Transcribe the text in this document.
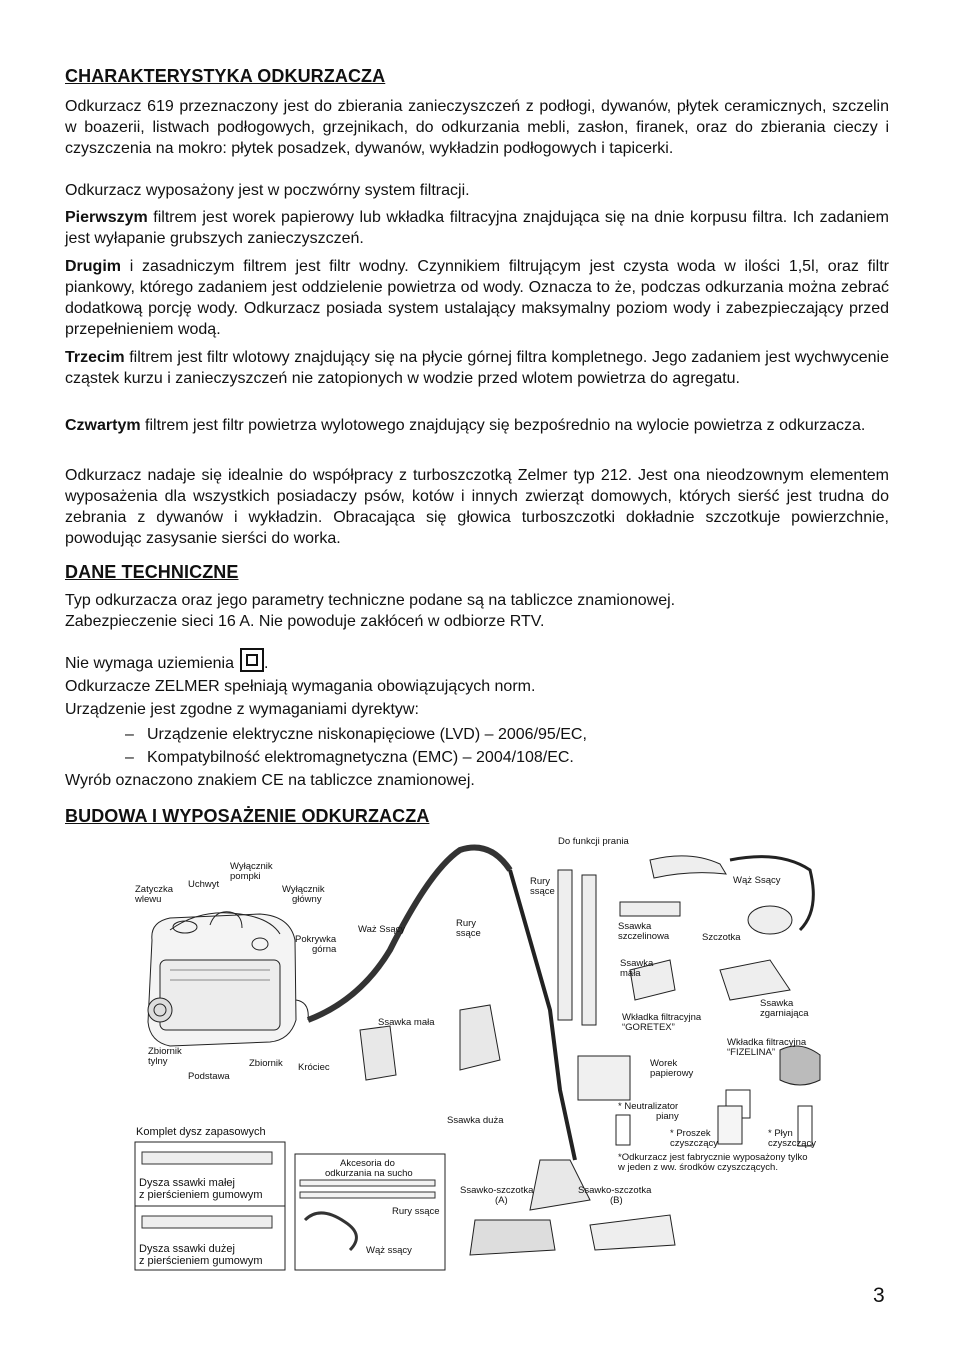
CHARAKTERYSTYKA ODKURZACZA

Odkurzacz 619 przeznaczony jest do zbierania zanieczyszczeń z podłogi, dywanów, płytek ceramicznych, szczelin w boazerii, listwach podłogowych, grzejnikach, do odkurzania mebli, zasłon, firanek, oraz do zbierania cieczy i czyszczenia na mokro: płytek posadzek, dywanów, wykładzin podłogowych i tapicerki.

Odkurzacz wyposażony jest w poczwórny system filtracji.

Pierwszym filtrem jest worek papierowy lub wkładka filtracyjna znajdująca się na dnie korpusu filtra. Ich zadaniem jest wyłapanie grubszych zanieczyszczeń.

Drugim i zasadniczym filtrem jest filtr wodny. Czynnikiem filtrującym jest czysta woda w ilości 1,5l, oraz filtr piankowy, którego zadaniem jest oddzielenie powietrza od wody. Oznacza to że, podczas odkurzania można zebrać dodatkową porcję wody. Odkurzacz posiada system ustalający maksymalny poziom wody i zabezpieczający przed przepełnieniem wodą.

Trzecim filtrem jest filtr wlotowy znajdujący się na płycie górnej filtra kompletnego. Jego zadaniem jest wychwycenie cząstek kurzu i zanieczyszczeń nie zatopionych w wodzie przed wlotem powietrza do agregatu.

Czwartym filtrem jest filtr powietrza wylotowego znajdujący się bezpośrednio na wylocie powietrza z odkurzacza.

Odkurzacz nadaje się idealnie do współpracy z turboszczotką Zelmer typ 212. Jest ona nieodzownym elementem wyposażenia dla wszystkich posiadaczy psów, kotów i innych zwierząt domowych, których sierść jest trudna do zebrania z dywanów i wykładzin. Obracająca się głowica turboszczotki dokładnie szczotkuje powierzchnie, powodując zasysanie sierści do worka.

DANE TECHNICZNE

Typ odkurzacza oraz jego parametry techniczne podane są na tabliczce znamionowej.

Zabezpieczenie sieci 16 A. Nie powoduje zakłóceń w odbiorze RTV.

Nie wymaga uziemienia .

Odkurzacze ZELMER spełniają wymagania obowiązujących norm.

Urządzenie jest zgodne z wymaganiami dyrektyw:

– Urządzenie elektryczne niskonapięciowe (LVD) – 2006/95/EC,
– Kompatybilność elektromagnetyczna (EMC) – 2004/108/EC.

Wyrób oznaczono znakiem CE na tabliczce znamionowej.

BUDOWA I WYPOSAŻENIE ODKURZACZA
Zatyczka
wlewu
Uchwyt
Wyłącznik
pompki
Wyłącznik
główny
Pokrywka
górna
Waż Ssący
Rury
ssące
Do funkcji prania
Rury
ssące
Wąż Ssący
Ssawka
szczelinowa	Szczotka
Ssawka
mała
Ssawka
zgarniająca
Wkładka filtracyjna
“GORETEX”
Wkładka filtracyjna
“FIZELINA”
Worek
papierowy
Ssawka mała
Zbiornik
tylny
Podstawa
Zbiornik Króciec
Ssawka duża
* Neutralizator
piany
* Proszek
czyszczący
* Płyn
czyszczący
*Odkurzacz jest fabrycznie wyposażony tylko
w jeden z ww. środków czyszczących.
Ssawko-szczotka
(A)
Ssawko-szczotka
(B)
Akcesoria do
odkurzania na sucho
Rury ssące
Wąż ssący
Komplet dysz zapasowych
Dysza ssawki małej
z pierścieniem gumowym
Dysza ssawki dużej
z pierścieniem gumowym
3
